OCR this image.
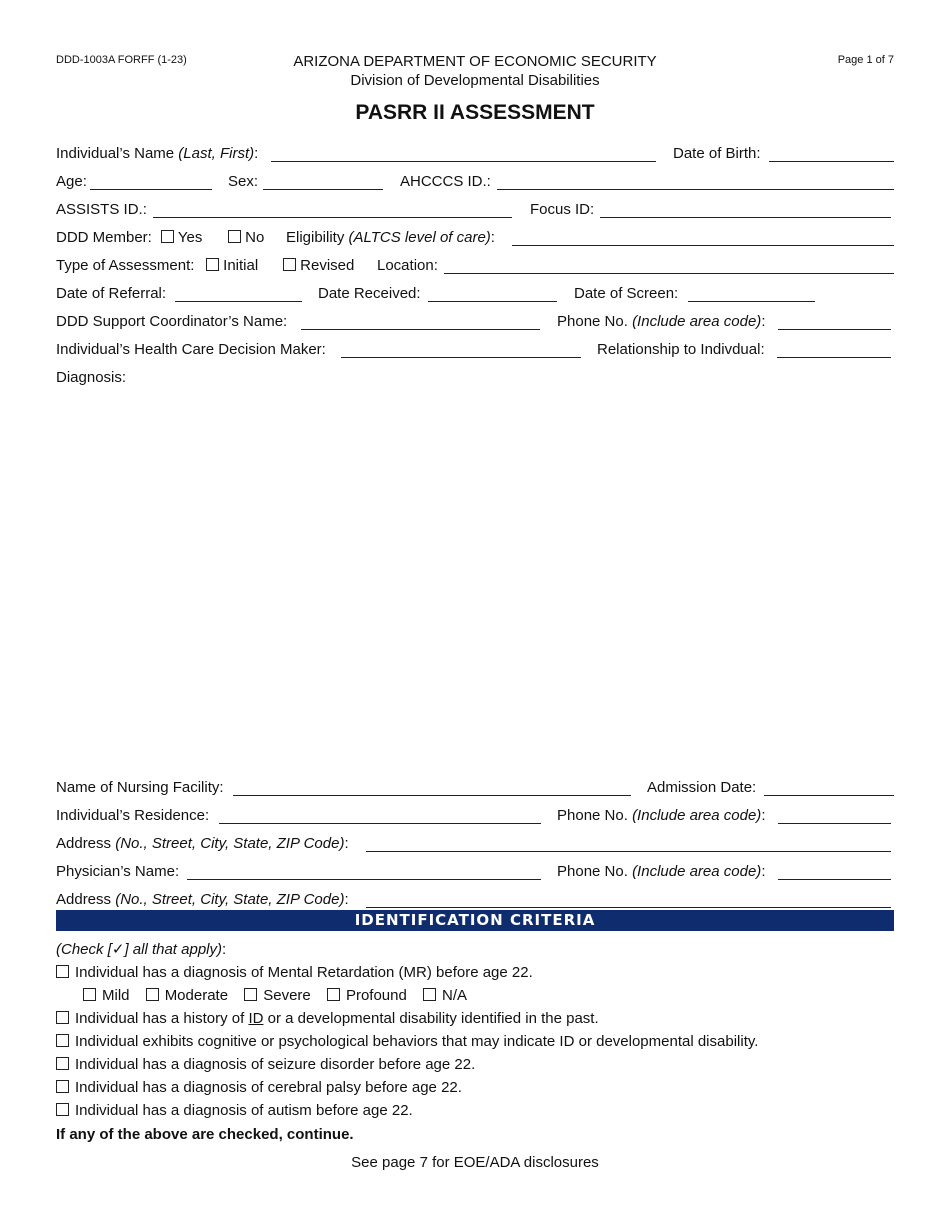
DDD-1003A FORFF (1-23)	ARIZONA DEPARTMENT OF ECONOMIC SECURITY
Division of Developmental Disabilities
Page 1 of 7
PASRR II ASSESSMENT
Individual’s Name (Last, First):	Date of Birth:
Age:	Sex:	AHCCCS ID.:
ASSISTS ID.:	Focus ID:
DDD Member:	Yes	No Eligibility (ALTCS level of care):
Type of Assessment:	Initial	Revised Location:
Date of Referral:	Date Received:	Date of Screen:
DDD Support Coordinator’s Name:	Phone No. (Include area code):
Individual’s Health Care Decision Maker:	Relationship to Indivdual:
Diagnosis:
Name of Nursing Facility:	Admission Date:
Individual’s Residence:	Phone No. (Include area code):
Address (No., Street, City, State, ZIP Code):
Physician’s Name:	Phone No. (Include area code):
Address (No., Street, City, State, ZIP Code):
IDENTIFICATION CRITERIA
(Check [✓] all that apply):
Individual has a diagnosis of Mental Retardation (MR) before age 22.
Mild Moderate Severe Profound N/A
Individual has a history of ID or a developmental disability identified in the past.
Individual exhibits cognitive or psychological behaviors that may indicate ID or developmental disability.
Individual has a diagnosis of seizure disorder before age 22.
Individual has a diagnosis of cerebral palsy before age 22.
Individual has a diagnosis of autism before age 22.
If any of the above are checked, continue.
See page 7 for EOE/ADA disclosures
